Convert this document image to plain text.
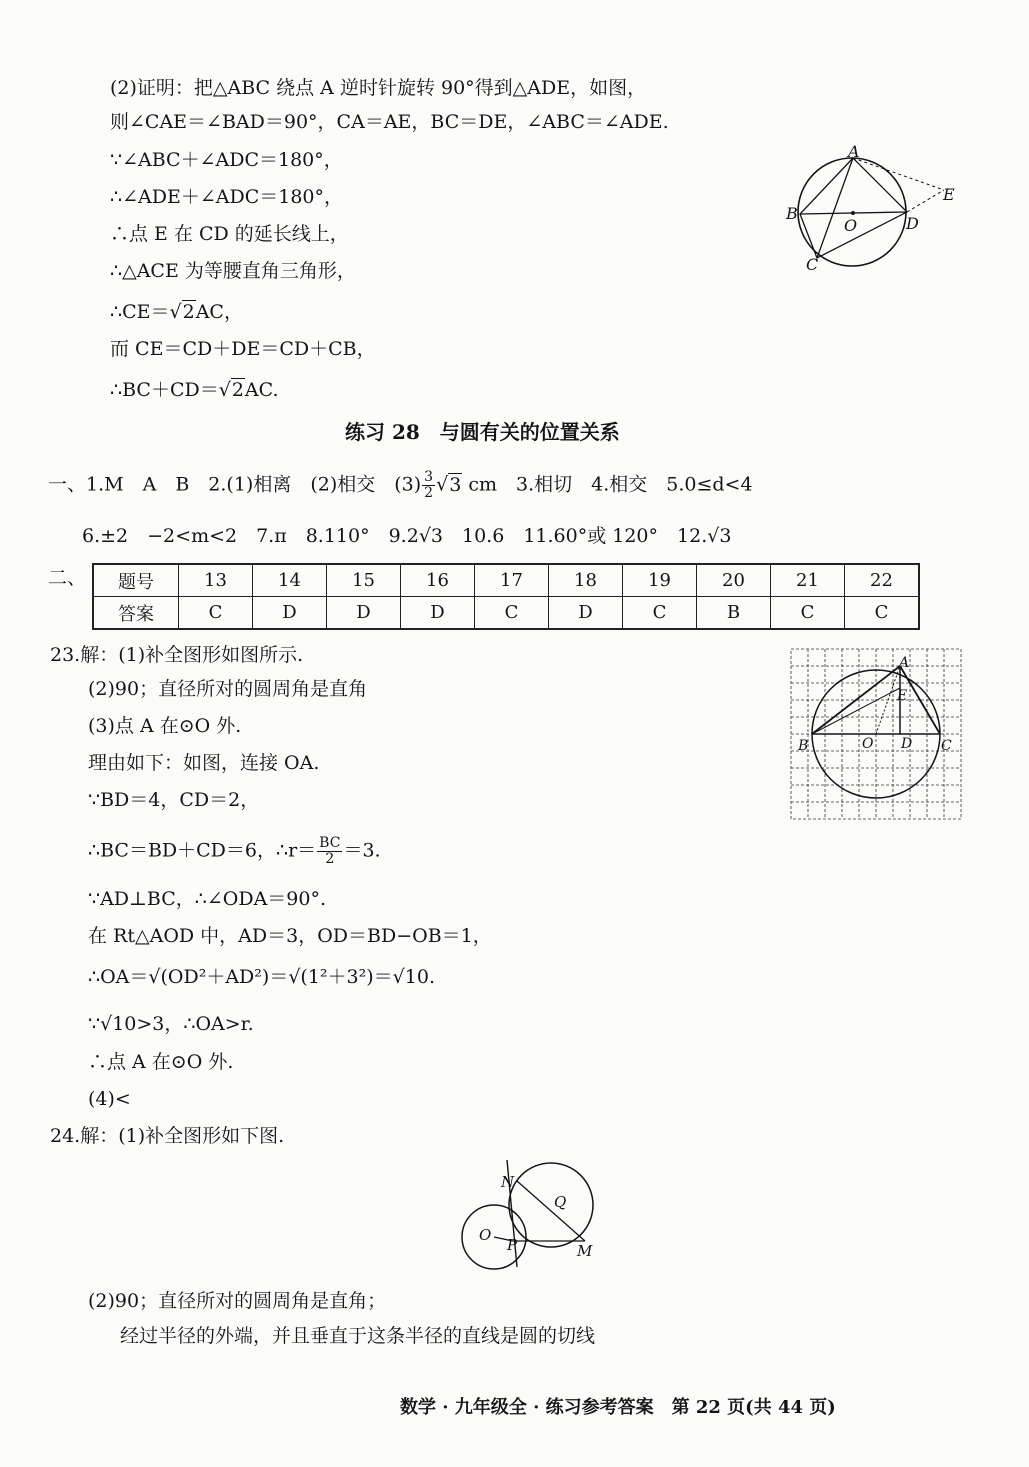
(2)证明：把△ABC 绕点 A 逆时针旋转 90°得到△ADE，如图，
则∠CAE＝∠BAD＝90°，CA＝AE，BC＝DE，∠ABC＝∠ADE.
∵∠ABC＋∠ADC＝180°，
∴∠ADE＋∠ADC＝180°，
∴点 E 在 CD 的延长线上，
∴△ACE 为等腰直角三角形，
∴CE＝√2AC，
而 CE＝CD＋DE＝CD＋CB，
∴BC＋CD＝√2AC.
A
B
C
D
E
O
练习 28　与圆有关的位置关系
一、1.M　A　B　2.(1)相离　(2)相交　$(3) \frac{3}{2} √3$ cm　3.相切　4.相交　5.0≤d<4
6.±2　−2<m<2　7.π　8.110°　9.2√3　10.6　11.60°或 120°　12.√3
二、 题号	13	14	15	16	17	18	19	20	21	22
答案	C	D	D	D	C	D	C	B	C	C
23.解：(1)补全图形如图所示.
(2)90；直径所对的圆周角是直角
(3)点 A 在⊙O 外.
理由如下：如图，连接 OA.
∵BD＝4，CD＝2，
∴BC＝BD＋CD＝6，∴r＝ $\frac{BC}{2} =3$.
∵AD⊥BC，∴∠ODA＝90°.
在 Rt△AOD 中，AD＝3，OD＝BD−OB＝1，
∴OA＝√(OD²＋AD²)＝√(1²＋3²)＝√10.
∵√10>3，∴OA>r.
∴点 A 在⊙O 外.
(4)<
A
B	C
D
E
O
24.解：(1)补全图形如下图.
N
Q
O
P	M
(2)90；直径所对的圆周角是直角；
经过半径的外端，并且垂直于这条半径的直线是圆的切线
数学 · 九年级全 · 练习参考答案　第 22 页(共 44 页)
